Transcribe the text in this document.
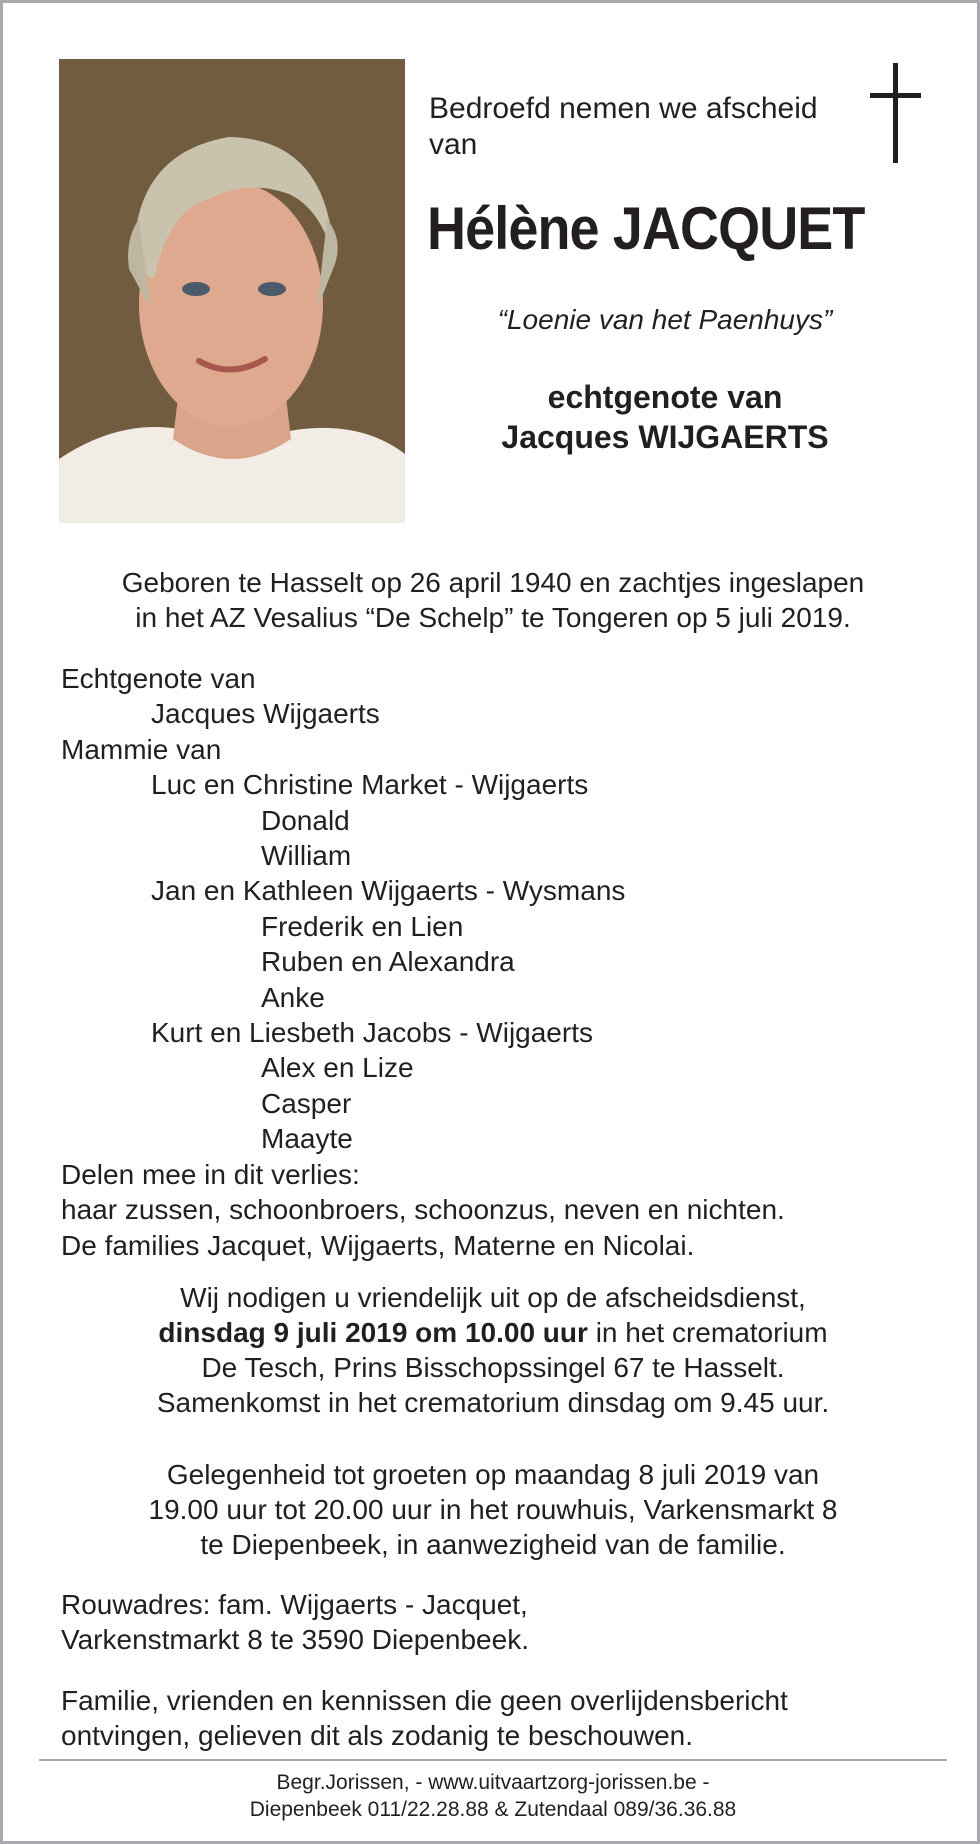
Bedroefd nemen we afscheid van
Hélène JACQUET
“Loenie van het Paenhuys”
echtgenote van
Jacques WIJGAERTS
Geboren te Hasselt op 26 april 1940 en zachtjes ingeslapen
in het AZ Vesalius “De Schelp” te Tongeren op 5 juli 2019.
Echtgenote van
Jacques Wijgaerts
Mammie van
Luc en Christine Market - Wijgaerts
Donald
William
Jan en Kathleen Wijgaerts - Wysmans
Frederik en Lien
Ruben en Alexandra
Anke
Kurt en Liesbeth Jacobs - Wijgaerts
Alex en Lize
Casper
Maayte
Delen mee in dit verlies:
haar zussen, schoonbroers, schoonzus, neven en nichten.
De families Jacquet, Wijgaerts, Materne en Nicolai.
Wij nodigen u vriendelijk uit op de afscheidsdienst,
dinsdag 9 juli 2019 om 10.00 uur in het crematorium
De Tesch, Prins Bisschopssingel 67 te Hasselt.
Samenkomst in het crematorium dinsdag om 9.45 uur.
Gelegenheid tot groeten op maandag 8 juli 2019 van
19.00 uur tot 20.00 uur in het rouwhuis, Varkensmarkt 8
te Diepenbeek, in aanwezigheid van de familie.
Rouwadres: fam. Wijgaerts - Jacquet,
Varkenstmarkt 8 te 3590 Diepenbeek.
Familie, vrienden en kennissen die geen overlijdensbericht
ontvingen, gelieven dit als zodanig te beschouwen.
Begr.Jorissen, - www.uitvaartzorg-jorissen.be -
Diepenbeek 011/22.28.88 & Zutendaal 089/36.36.88
